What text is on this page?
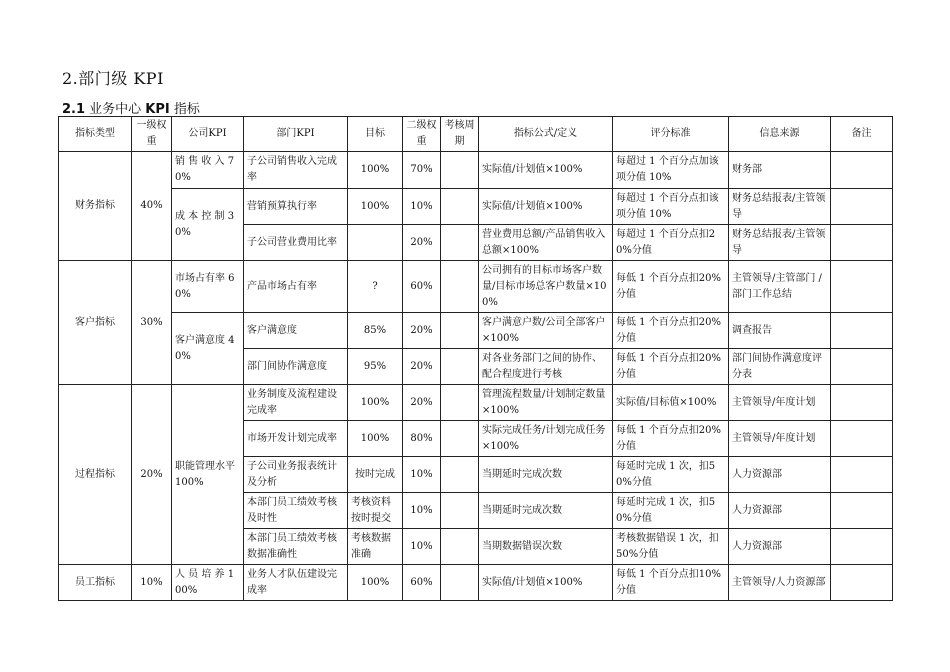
2.部门级 KPI
2.1 业务中心 KPI 指标
指标类型	一级权重	公司KPI	部门KPI	目标	二级权重	考核周期	指标公式/定义	评分标准	信息来源	备注
财务指标	40%	销 售 收 入 70%	子公司销售收入完成率	100%	70%		实际值/计划值×100%	每超过 1 个百分点加该项分值 10%	财务部	
		成 本 控 制 30%	营销预算执行率	100%	10%		实际值/计划值×100%	每超过 1 个百分点扣该项分值 10%	财务总结报表/主管领导	
			子公司营业费用比率		20%		营业费用总额/产品销售收入总额×100%	每超过 1 个百分点扣20%分值	财务总结报表/主管领导	
客户指标	30%	市场占有率 60%	产品市场占有率	?	60%		公司拥有的目标市场客户数量/目标市场总客户数量×100%	每低 1 个百分点扣20%分值	主管领导/主管部门 /部门工作总结	
		客户满意度 40%	客户满意度	85%	20%		客户满意户数/公司全部客户×100%	每低 1 个百分点扣20%分值	调查报告	
			部门间协作满意度	95%	20%		对各业务部门之间的协作、配合程度进行考核	每低 1 个百分点扣20%分值	部门间协作满意度评分表	
过程指标	20%	职能管理水平 100%	业务制度及流程建设完成率	100%	20%		管理流程数量/计划制定数量×100%	实际值/目标值×100%	主管领导/年度计划	
			市场开发计划完成率	100%	80%		实际完成任务/计划完成任务×100%	每低 1 个百分点扣20%分值	主管领导/年度计划	
			子公司业务报表统计及分析	按时完成	10%		当期延时完成次数	每延时完成 1 次，扣50%分值	人力资源部	
			本部门员工绩效考核及时性	考核资料按时提交	10%		当期延时完成次数	每延时完成 1 次，扣50%分值	人力资源部	
			本部门员工绩效考核数据准确性	考核数据准确	10%		当期数据错误次数	考核数据错误 1 次，扣 50%分值	人力资源部	
员工指标	10%	人 员 培 养 100%	业务人才队伍建设完成率	100%	60%		实际值/计划值×100%	每低 1 个百分点扣10%分值	主管领导/人力资源部	
